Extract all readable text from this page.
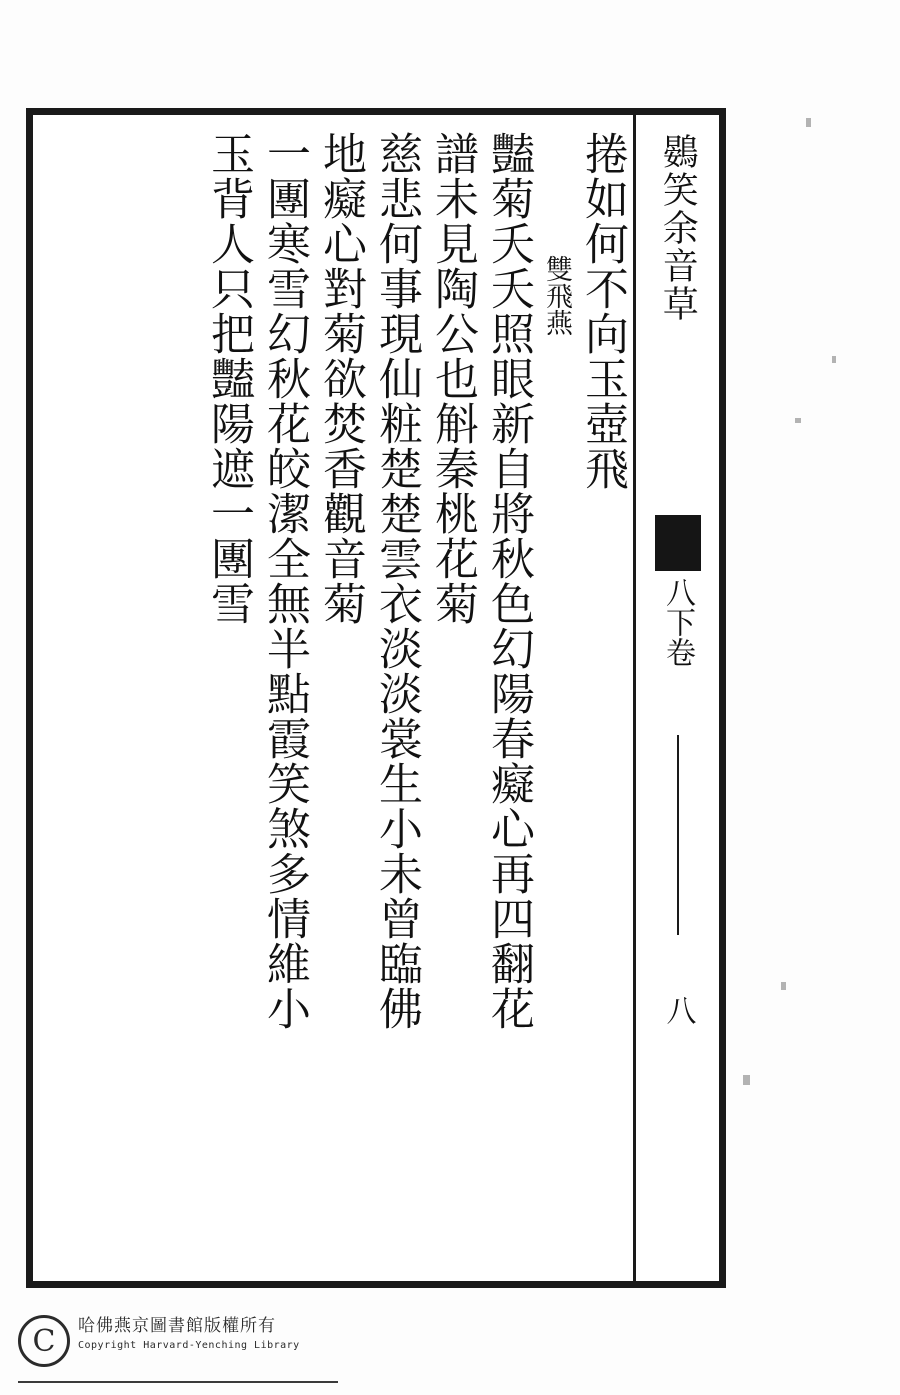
鷃笑余音草
八下卷
八
捲如何不向玉壺飛
雙飛燕
豔菊夭夭照眼新自將秋色幻陽春癡心再四翻花
譜未見陶公也斛秦桃花菊
慈悲何事現仙粧楚楚雲衣淡淡裳生小未曾臨佛
地癡心對菊欲焚香觀音菊
一團寒雪幻秋花皎潔全無半點霞笑煞多情維小
玉背人只把豔陽遮一團雪
C	哈佛燕京圖書館版權所有
Copyright Harvard-Yenching Library
